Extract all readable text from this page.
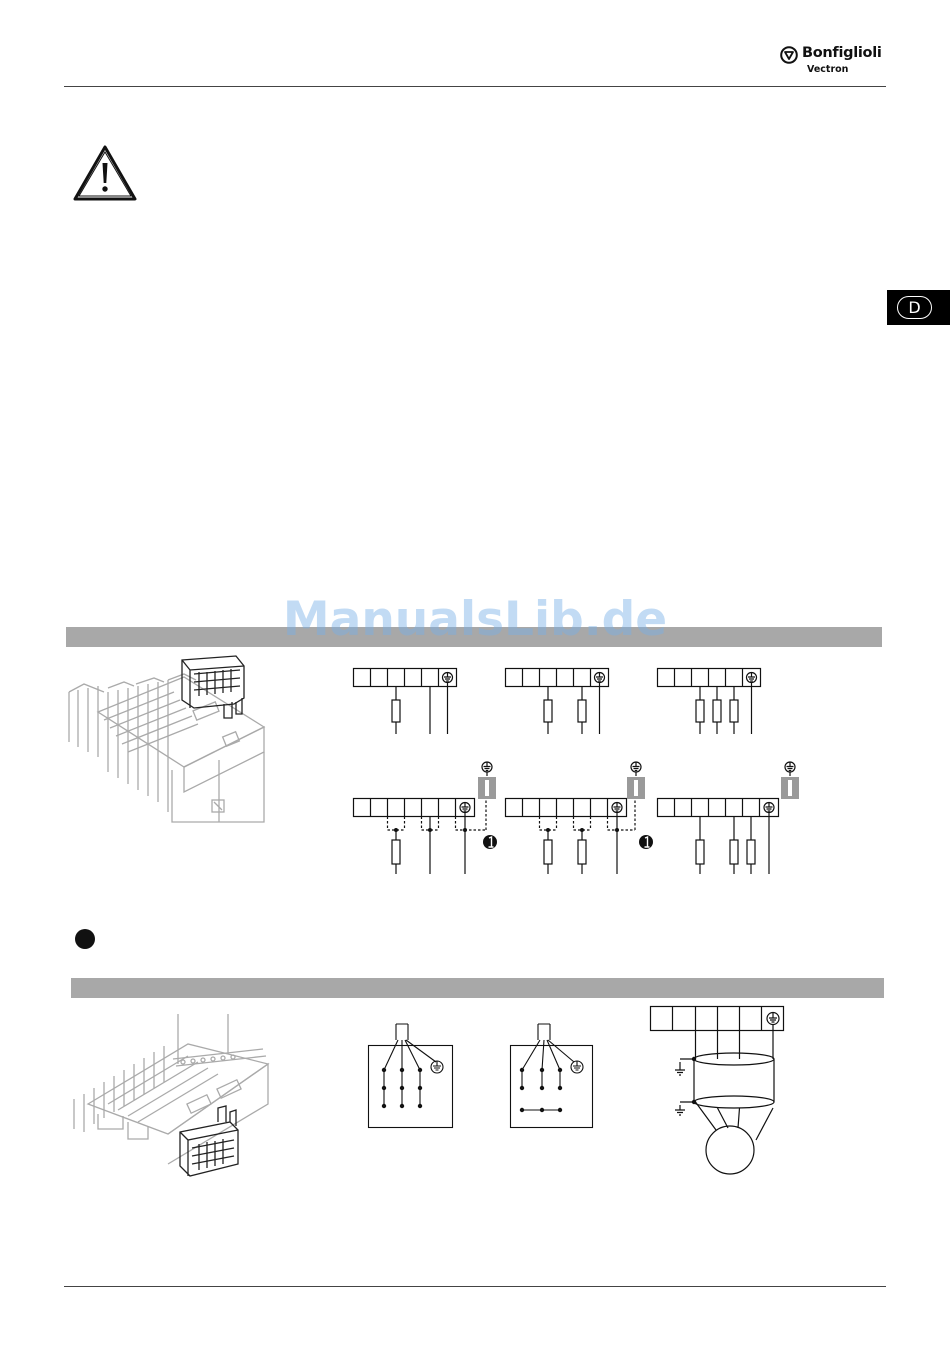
Bonfiglioli
Vectron
D
ManualsLib.de
